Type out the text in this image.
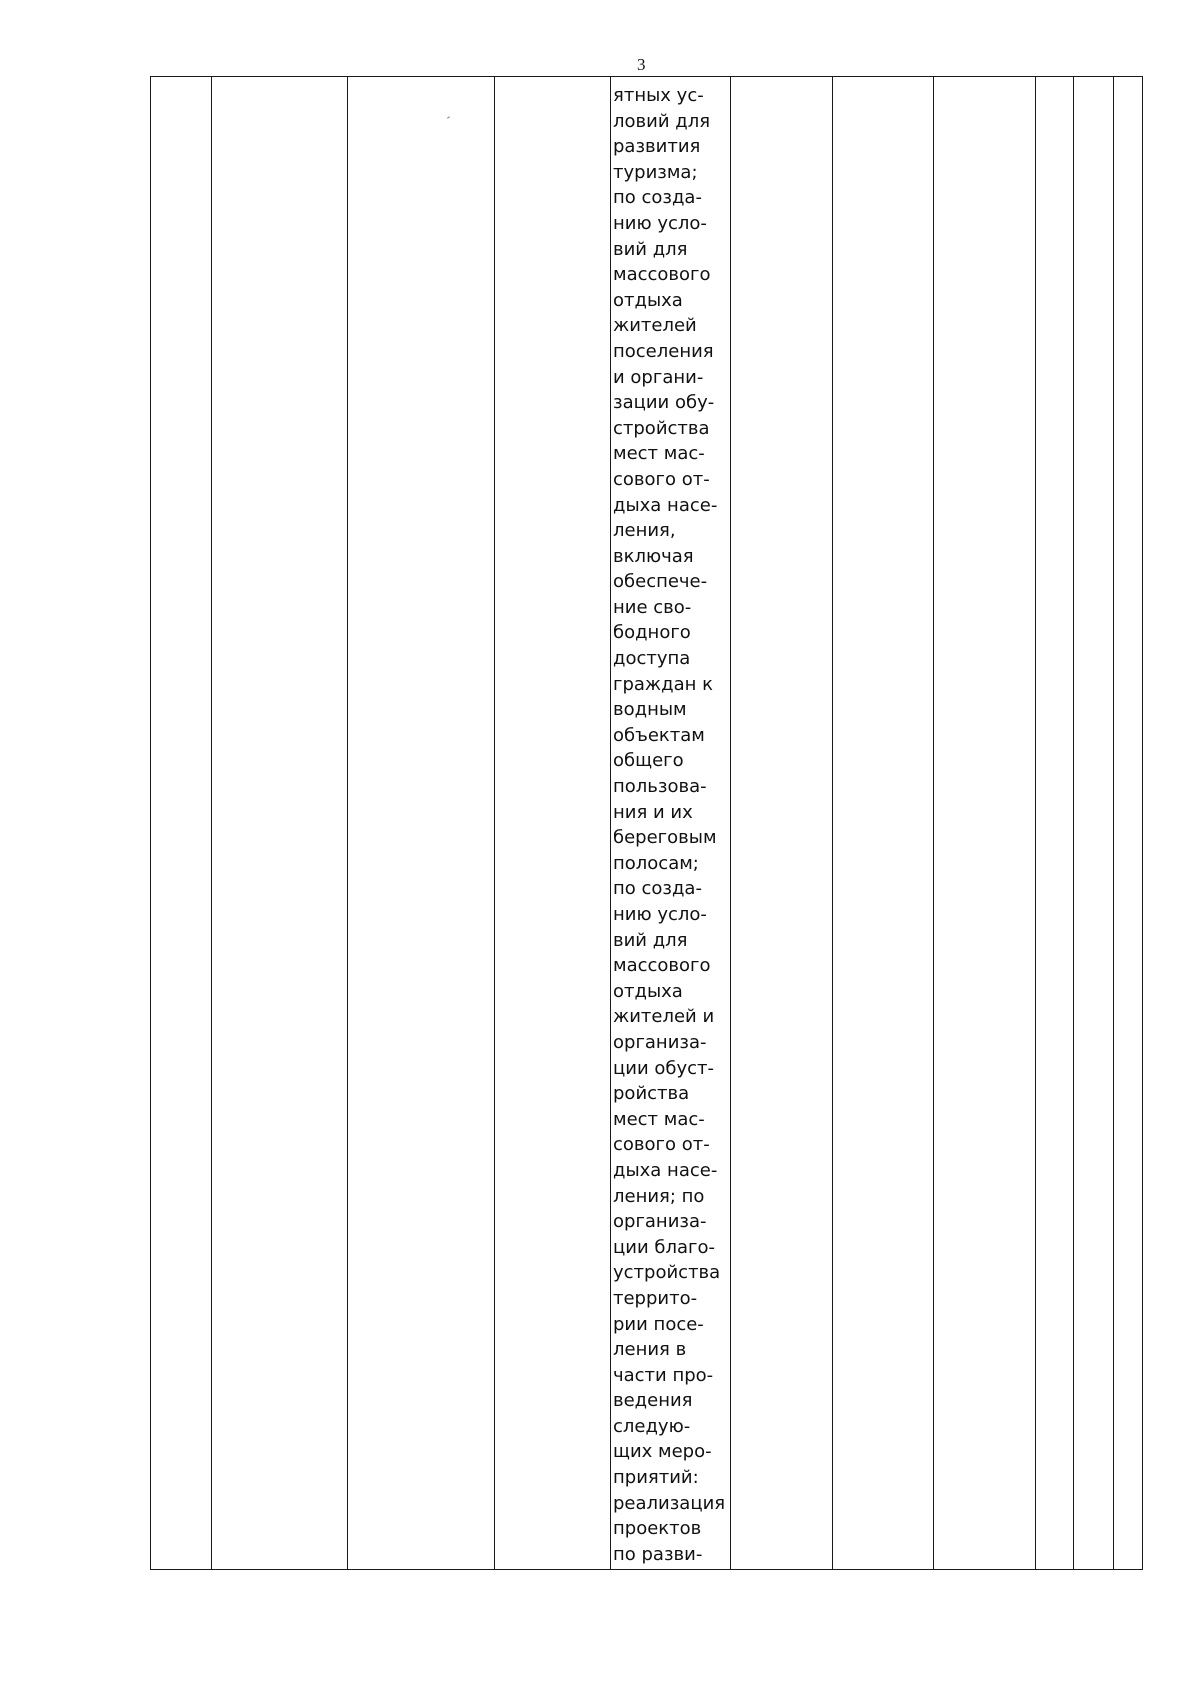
3
ятных ус-
ловий для
развития
туризма;
по созда-
нию усло-
вий для
массового
отдыха
жителей
поселения
и органи-
зации обу-
стройства
мест мас-
сового от-
дыха насе-
ления,
включая
обеспече-
ние сво-
бодного
доступа
граждан к
водным
объектам
общего
пользова-
ния и их
береговым
полосам;
по созда-
нию усло-
вий для
массового
отдыха
жителей и
организа-
ции обуст-
ройства
мест мас-
сового от-
дыха насе-
ления; по
организа-
ции благо-
устройства
террито-
рии посе-
ления в
части про-
ведения
следую-
щих меро-
приятий:
реализация
проектов
по разви-
